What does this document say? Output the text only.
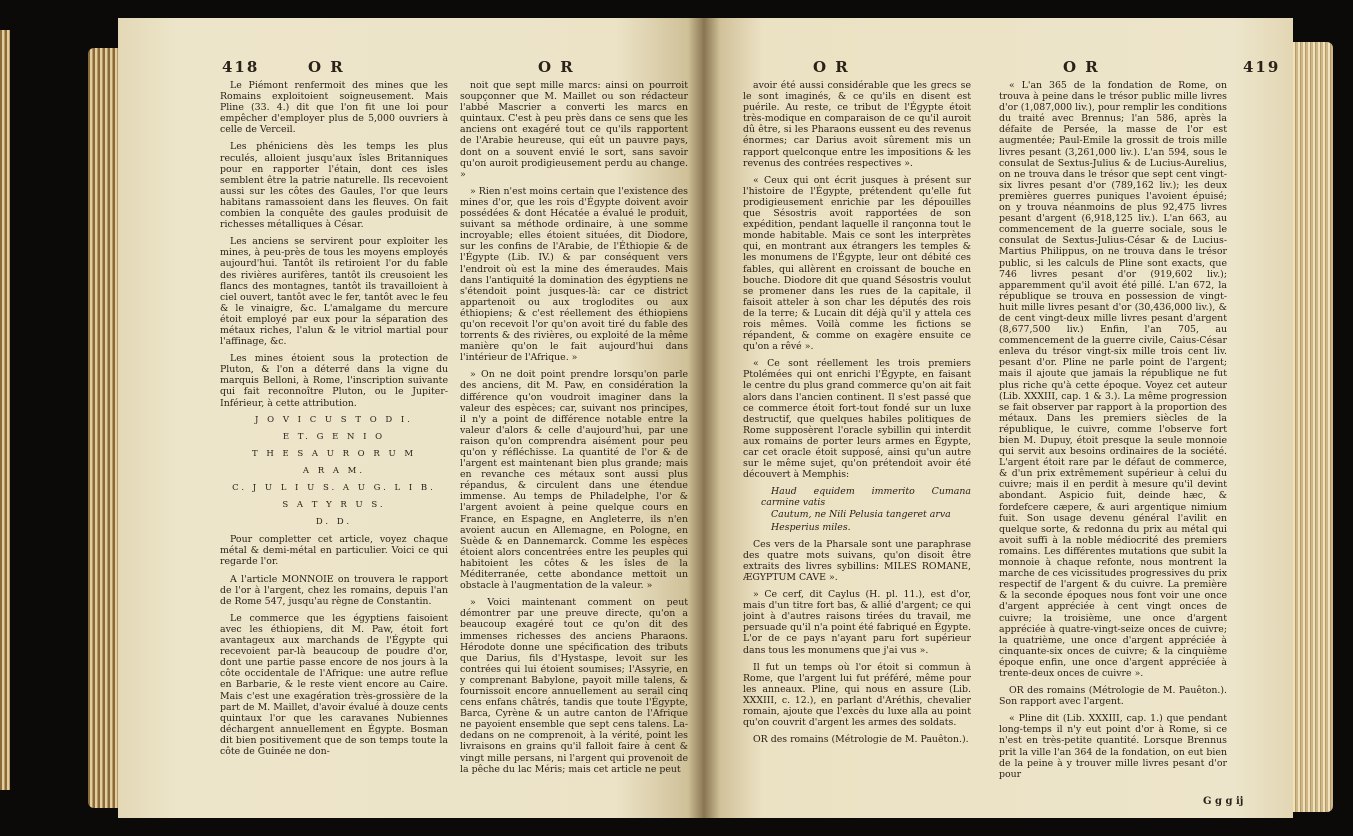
418	O R	O R

Le Piémont renfermoit des mines que les Romains exploitoient soigneusement. Mais Pline (33. 4.) dit que l'on fit une loi pour empêcher d'employer plus de 5,000 ouvriers à celle de Verceil.

Les phéniciens dès les temps les plus reculés, alloient jusqu'aux îsles Britanniques pour en rapporter l'étain, dont ces isles semblent être la patrie naturelle. Ils recevoient aussi sur les côtes des Gaules, l'or que leurs habitans ramassoient dans les fleuves. On fait combien la conquête des gaules produisit de richesses métalliques à César.

Les anciens se servirent pour exploiter les mines, à peu-près de tous les moyens employés aujourd'hui. Tantôt ils retiroient l'or du fable des rivières aurifères, tantôt ils creusoient les flancs des montagnes, tantôt ils travailloient à ciel ouvert, tantôt avec le fer, tantôt avec le feu & le vinaigre, &c. L'amalgame du mercure étoit employé par eux pour la séparation des métaux riches, l'alun & le vitriol martial pour l'affinage, &c.

Les mines étoient sous la protection de Pluton, & l'on a déterré dans la vigne du marquis Belloni, à Rome, l'inscription suivante qui fait reconnoître Pluton, ou le Jupiter-Inférieur, à cette attribution.

J O V I C U S T O D I.

E T. G E N I O

T H E S A U R O R U M

A R A M.

C. J U L I U S. A U G. L I B.

S A T Y R U S.

D. D.

Pour completter cet article, voyez chaque métal & demi-métal en particulier. Voici ce qui regarde l'or.

A l'article MONNOIE on trouvera le rapport de l'or à l'argent, chez les romains, depuis l'an de Rome 547, jusqu'au règne de Constantin.

Le commerce que les égyptiens faisoient avec les éthiopiens, dit M. Paw, étoit fort avantageux aux marchands de l'Égypte qui recevoient par-là beaucoup de poudre d'or, dont une partie passe encore de nos jours à la côte occidentale de l'Afrique: une autre reflue en Barbarie, & le reste vient encore au Caire. Mais c'est une exagération très-grossière de la part de M. Maillet, d'avoir évalué à douze cents quintaux l'or que les caravanes Nubiennes déchargent annuellement en Égypte. Bosman dit bien positivement que de son temps toute la côte de Guinée ne don-

noit que sept mille marcs: ainsi on pourroit soupçonner que M. Maillet ou son rédacteur l'abbé Mascrier a converti les marcs en quintaux. C'est à peu près dans ce sens que les anciens ont exagéré tout ce qu'ils rapportent de l'Arabie heureuse, qui eût un pauvre pays, dont on a souvent envié le sort, sans savoir qu'on auroit prodigieusement perdu au change. »

» Rien n'est moins certain que l'existence des mines d'or, que les rois d'Égypte doivent avoir possédées & dont Hécatée a évalué le produit, suivant sa méthode ordinaire, à une somme incroyable; elles étoient situées, dit Diodore, sur les confins de l'Arabie, de l'Éthiopie & de l'Égypte (Lib. IV.) & par conséquent vers l'endroit où est la mine des émeraudes. Mais dans l'antiquité la domination des égyptiens ne s'étendoit point jusques-là: car ce district appartenoit ou aux troglodites ou aux éthiopiens; & c'est réellement des éthiopiens qu'on recevoit l'or qu'on avoit tiré du fable des torrents & des rivières, ou exploité de la même manière qu'on le fait aujourd'hui dans l'intérieur de l'Afrique. »

» On ne doit point prendre lorsqu'on parle des anciens, dit M. Paw, en considération la différence qu'on voudroit imaginer dans la valeur des espèces; car, suivant nos principes, il n'y a point de différence notable entre la valeur d'alors & celle d'aujourd'hui, par une raison qu'on comprendra aisément pour peu qu'on y réfléchisse. La quantité de l'or & de l'argent est maintenant bien plus grande; mais en revanche ces métaux sont aussi plus répandus, & circulent dans une étendue immense. Au temps de Philadelphe, l'or & l'argent avoient à peine quelque cours en France, en Espagne, en Angleterre, ils n'en avoient aucun en Allemagne, en Pologne, en Suède & en Dannemarck. Comme les espèces étoient alors concentrées entre les peuples qui habitoient les côtes & les îsles de la Méditerranée, cette abondance mettoit un obstacle à l'augmentation de la valeur. »

» Voici maintenant comment on peut démontrer par une preuve directe, qu'on a beaucoup exagéré tout ce qu'on dit des immenses richesses des anciens Pharaons. Hérodote donne une spécification des tributs que Darius, fils d'Hystaspe, levoit sur les contrées qui lui étoient soumises; l'Assyrie, en y comprenant Babylone, payoit mille talens, & fournissoit encore annuellement au serail cinq cens enfans châtrés, tandis que toute l'Égypte, Barca, Cyrène & un autre canton de l'Afrique ne payoient ensemble que sept cens talens. La-dedans on ne comprenoit, à la vérité, point les livraisons en grains qu'il falloit faire à cent & vingt mille persans, ni l'argent qui provenoit de la pêche du lac Méris; mais cet article ne peut

O R	O R	419

avoir été aussi considérable que les grecs se le sont imaginés, & ce qu'ils en disent est puérile. Au reste, ce tribut de l'Égypte étoit très-modique en comparaison de ce qu'il auroit dû être, si les Pharaons eussent eu des revenus énormes; car Darius avoit sûrement mis un rapport quelconque entre les impositions & les revenus des contrées respectives ».

« Ceux qui ont écrit jusques à présent sur l'histoire de l'Égypte, prétendent qu'elle fut prodigieusement enrichie par les dépouilles que Sésostris avoit rapportées de son expédition, pendant laquelle il rançonna tout le monde habitable. Mais ce sont les interprètes qui, en montrant aux étrangers les temples & les monumens de l'Égypte, leur ont débité ces fables, qui allèrent en croissant de bouche en bouche. Diodore dit que quand Sésostris voulut se promener dans les rues de la capitale, il faisoit atteler à son char les députés des rois de la terre; & Lucain dit déjà qu'il y attela ces rois mêmes. Voilà comme les fictions se répandent, & comme on exagère ensuite ce qu'on a rêvé ».

« Ce sont réellement les trois premiers Ptolémées qui ont enrichi l'Égypte, en faisant le centre du plus grand commerce qu'on ait fait alors dans l'ancien continent. Il s'est passé que ce commerce étoit fort-tout fondé sur un luxe destructif, que quelques habiles politiques de Rome supposèrent l'oracle sybillin qui interdit aux romains de porter leurs armes en Égypte, car cet oracle étoit supposé, ainsi qu'un autre sur le même sujet, qu'on prétendoit avoir été découvert à Memphis:

Haud equidem immerito Cumana carmine vatis

Cautum, ne Nili Pelusia tangeret arva

Hesperius miles.

Ces vers de la Pharsale sont une paraphrase des quatre mots suivans, qu'on disoit être extraits des livres sybillins: MILES ROMANE, ÆGYPTUM CAVE ».

» Ce cerf, dit Caylus (H. pl. 11.), est d'or, mais d'un titre fort bas, & allié d'argent; ce qui joint à d'autres raisons tirées du travail, me persuade qu'il n'a point été fabriqué en Égypte. L'or de ce pays n'ayant paru fort supérieur dans tous les monumens que j'ai vus ».

Il fut un temps où l'or étoit si commun à Rome, que l'argent lui fut préféré, même pour les anneaux. Pline, qui nous en assure (Lib. XXXIII, c. 12.), en parlant d'Aréthis, chevalier romain, ajoute que l'excès du luxe alla au point qu'on couvrit d'argent les armes des soldats.

OR des romains (Métrologie de M. Pauêton.).

« L'an 365 de la fondation de Rome, on trouva à peine dans le trésor public mille livres d'or (1,087,000 liv.), pour remplir les conditions du traité avec Brennus; l'an 586, après la défaite de Persée, la masse de l'or est augmentée; Paul-Emile la grossit de trois mille livres pesant (3,261,000 liv.). L'an 594, sous le consulat de Sextus-Julius & de Lucius-Aurelius, on ne trouva dans le trésor que sept cent vingt-six livres pesant d'or (789,162 liv.); les deux premières guerres puniques l'avoient épuisé; on y trouva néanmoins de plus 92,475 livres pesant d'argent (6,918,125 liv.). L'an 663, au commencement de la guerre sociale, sous le consulat de Sextus-Julius-César & de Lucius-Martius Philippus, on ne trouva dans le trésor public, si les calculs de Pline sont exacts, que 746 livres pesant d'or (919,602 liv.); apparemment qu'il avoit été pillé. L'an 672, la république se trouva en possession de vingt-huit mille livres pesant d'or (30,436,000 liv.), & de cent vingt-deux mille livres pesant d'argent (8,677,500 liv.) Enfin, l'an 705, au commencement de la guerre civile, Caius-César enleva du trésor vingt-six mille trois cent liv. pesant d'or. Pline ne parle point de l'argent; mais il ajoute que jamais la république ne fut plus riche qu'à cette époque. Voyez cet auteur (Lib. XXXIII, cap. 1 & 3.). La même progression se fait observer par rapport à la proportion des métaux. Dans les premiers siècles de la république, le cuivre, comme l'observe fort bien M. Dupuy, étoit presque la seule monnoie qui servit aux besoins ordinaires de la société. L'argent étoit rare par le défaut de commerce, & d'un prix extrêmement supérieur à celui du cuivre; mais il en perdit à mesure qu'il devint abondant. Aspicio fuit, deinde hæc, & fordefcere cæpere, & auri argentique nimium fuit. Son usage devenu général l'avilit en quelque sorte, & redonna du prix au métal qui avoit suffi à la noble médiocrité des premiers romains. Les différentes mutations que subit la monnoie à chaque refonte, nous montrent la marche de ces vicissitudes progressives du prix respectif de l'argent & du cuivre. La première & la seconde époques nous font voir une once d'argent appréciée à cent vingt onces de cuivre; la troisième, une once d'argent appréciée à quatre-vingt-seize onces de cuivre; la quatrième, une once d'argent appréciée à cinquante-six onces de cuivre; & la cinquième époque enfin, une once d'argent appréciée à trente-deux onces de cuivre ».

OR des romains (Métrologie de M. Pauêton.). Son rapport avec l'argent.

« Pline dit (Lib. XXXIII, cap. 1.) que pendant long-temps il n'y eut point d'or à Rome, si ce n'est en très-petite quantité. Lorsque Brennus prit la ville l'an 364 de la fondation, on eut bien de la peine à y trouver mille livres pesant d'or pour

G g g ij
